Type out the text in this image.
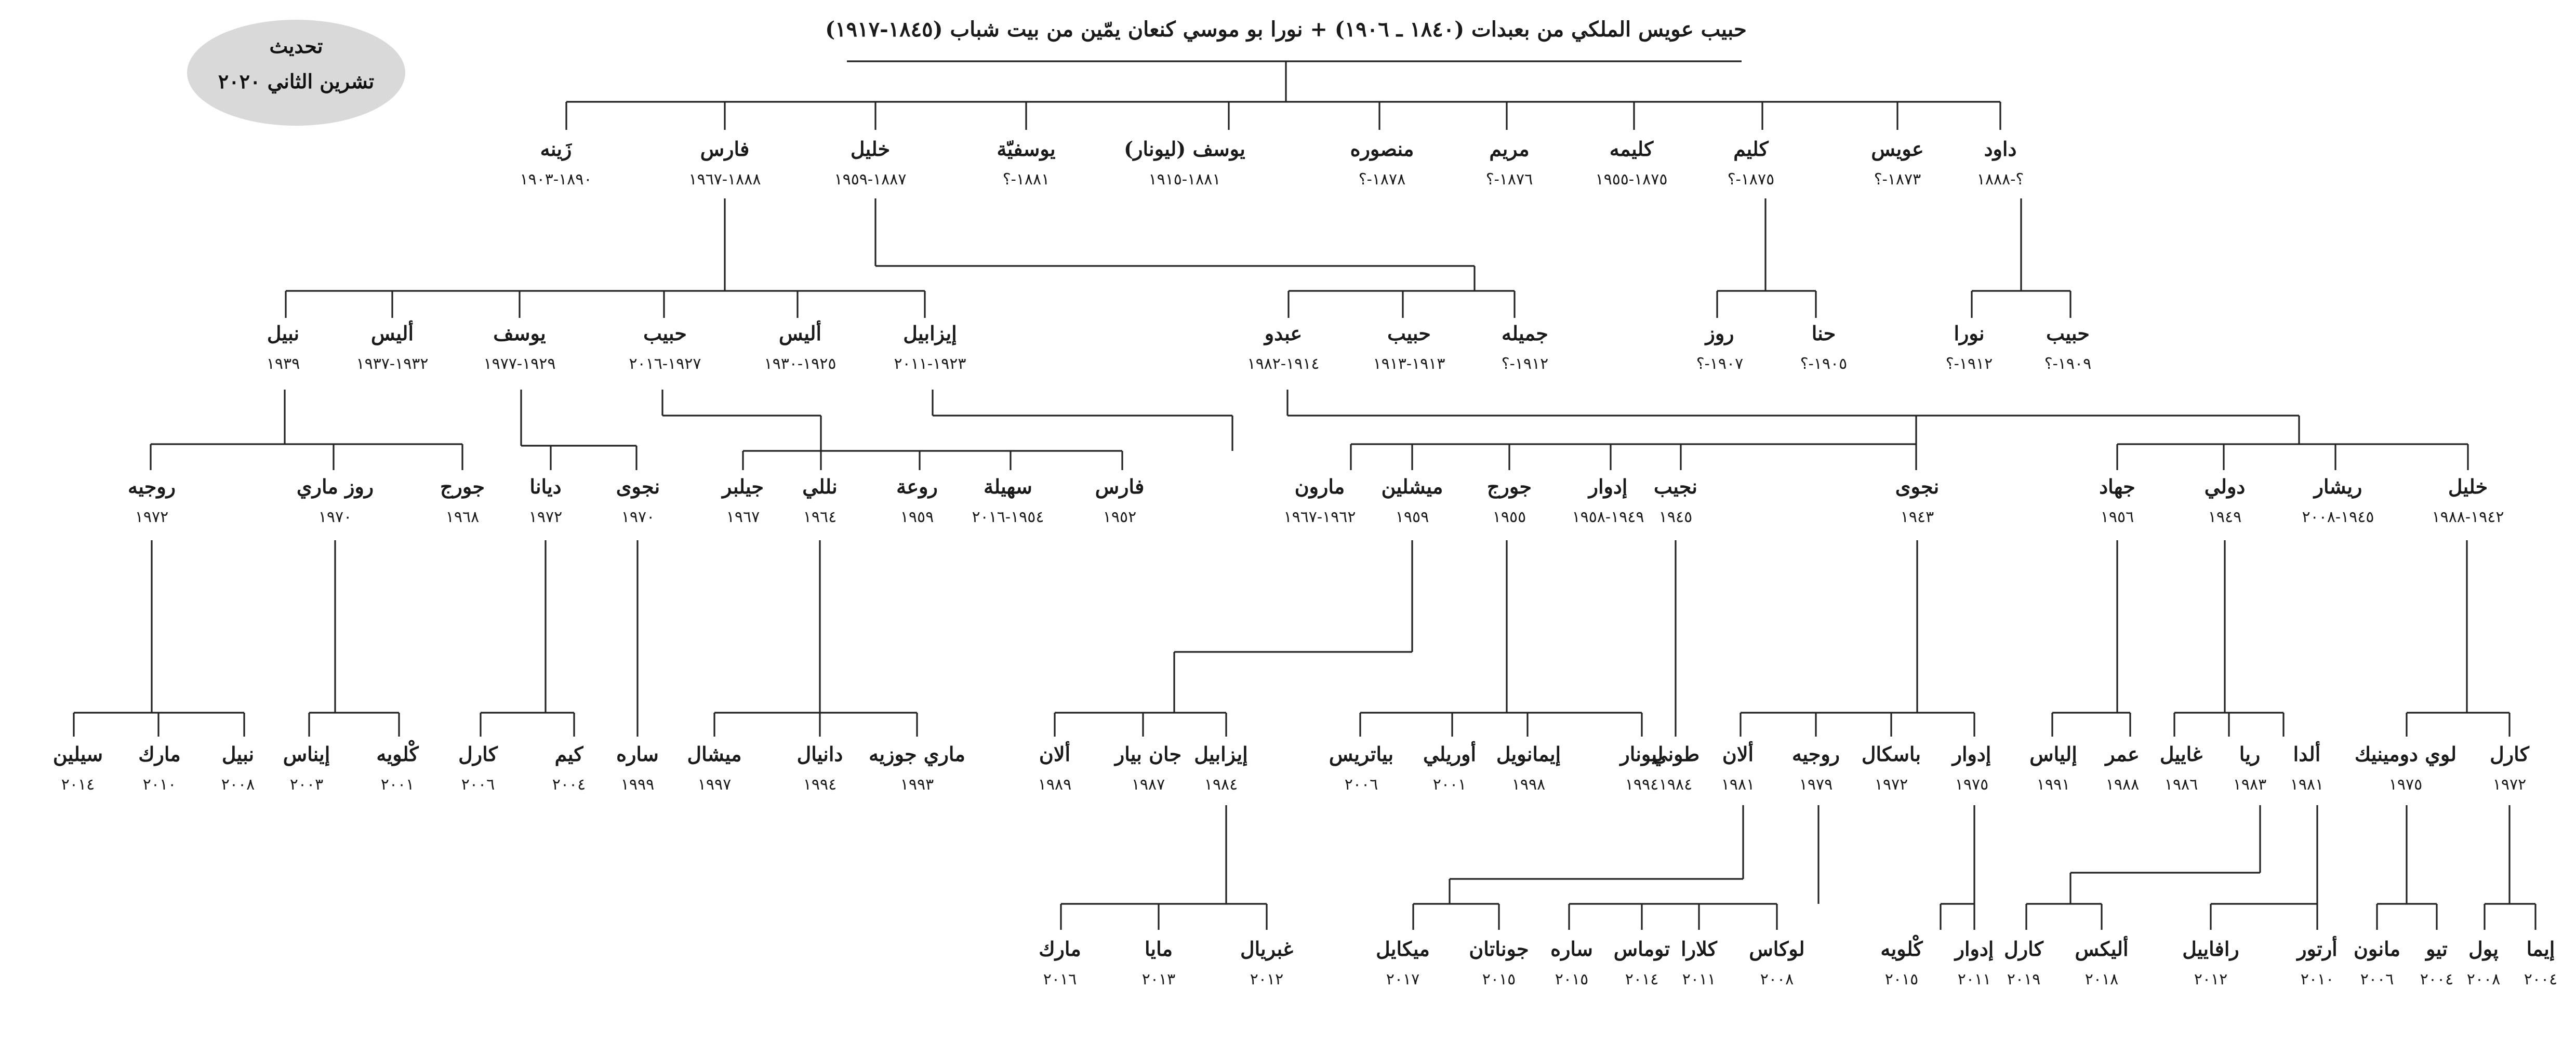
تحديث
تشرين الثاني ٢٠٢٠
حبيب عويس الملكي من بعبدات (١٨٤٠ ـ ١٩٠٦) + نورا بو موسي كنعان يمّين من بيت شباب (١٨٤٥-١٩١٧)
داود
؟-١٨٨٨
عويس
١٨٧٣-؟
كليم
١٨٧٥-؟
كليمه
١٨٧٥-١٩٥٥
مريم
١٨٧٦-؟
منصوره
١٨٧٨-؟
يوسف (ليونار)
١٨٨١-١٩١٥
يوسفيّة
١٨٨١-؟
خليل
١٨٨٧-١٩٥٩
فارس
١٨٨٨-١٩٦٧
زَينه
١٨٩٠-١٩٠٣
حبيب
١٩٠٩-؟
نورا
١٩١٢-؟
حنا
١٩٠٥-؟
روز
١٩٠٧-؟
جميله
١٩١٢-؟
حبيب
١٩١٣-١٩١٣
عبدو
١٩١٤-١٩٨٢
إيزابيل
١٩٢٣-٢٠١١
أليس
١٩٢٥-١٩٣٠
حبيب
١٩٢٧-٢٠١٦
يوسف
١٩٢٩-١٩٧٧
أليس
١٩٣٢-١٩٣٧
نبيل
١٩٣٩
خليل
١٩٤٢-١٩٨٨
ريشار
١٩٤٥-٢٠٠٨
دولي
١٩٤٩
جهاد
١٩٥٦
نجوى
١٩٤٣
نجيب
١٩٤٥
إدوار
١٩٤٩-١٩٥٨
جورج
١٩٥٥
ميشلين
١٩٥٩
مارون
١٩٦٢-١٩٦٧
فارس
١٩٥٢
سهيلة
١٩٥٤-٢٠١٦
روعة
١٩٥٩
نللي
١٩٦٤
جيلبر
١٩٦٧
نجوى
١٩٧٠
ديانا
١٩٧٢
جورج
١٩٦٨
روز ماري
١٩٧٠
روجيه
١٩٧٢
كارل
١٩٧٢
لوي دومينيك
١٩٧٥
ألدا
١٩٨١
ريا
١٩٨٣
غاييل
١٩٨٦
عمر
١٩٨٨
إلياس
١٩٩١
إدوار
١٩٧٥
باسكال
١٩٧٢
روجيه
١٩٧٩
ألان
١٩٨١
طوني
١٩٨٤
ليونار
١٩٩٤
إيمانويل
١٩٩٨
أوريلي
٢٠٠١
بياتريس
٢٠٠٦
إيزابيل
١٩٨٤
جان بيار
١٩٨٧
ألان
١٩٨٩
ماري جوزيه
١٩٩٣
دانيال
١٩٩٤
ميشال
١٩٩٧
ساره
١٩٩٩
كيم
٢٠٠٤
كارل
٢٠٠٦
كْلويه
٢٠٠١
إيناس
٢٠٠٣
نبيل
٢٠٠٨
مارك
٢٠١٠
سيلين
٢٠١٤
إيما
٢٠٠٤
پول
٢٠٠٨
تيو
٢٠٠٤
مانون
٢٠٠٦
أرتور
٢٠١٠
رافاييل
٢٠١٢
أليكس
٢٠١٨
كارل
٢٠١٩
إدوار
٢٠١١
كْلويه
٢٠١٥
لوكاس
٢٠٠٨
كلارا
٢٠١١
توماس
٢٠١٤
ساره
٢٠١٥
جوناتان
٢٠١٥
ميكايل
٢٠١٧
غبريال
٢٠١٢
مايا
٢٠١٣
مارك
٢٠١٦
